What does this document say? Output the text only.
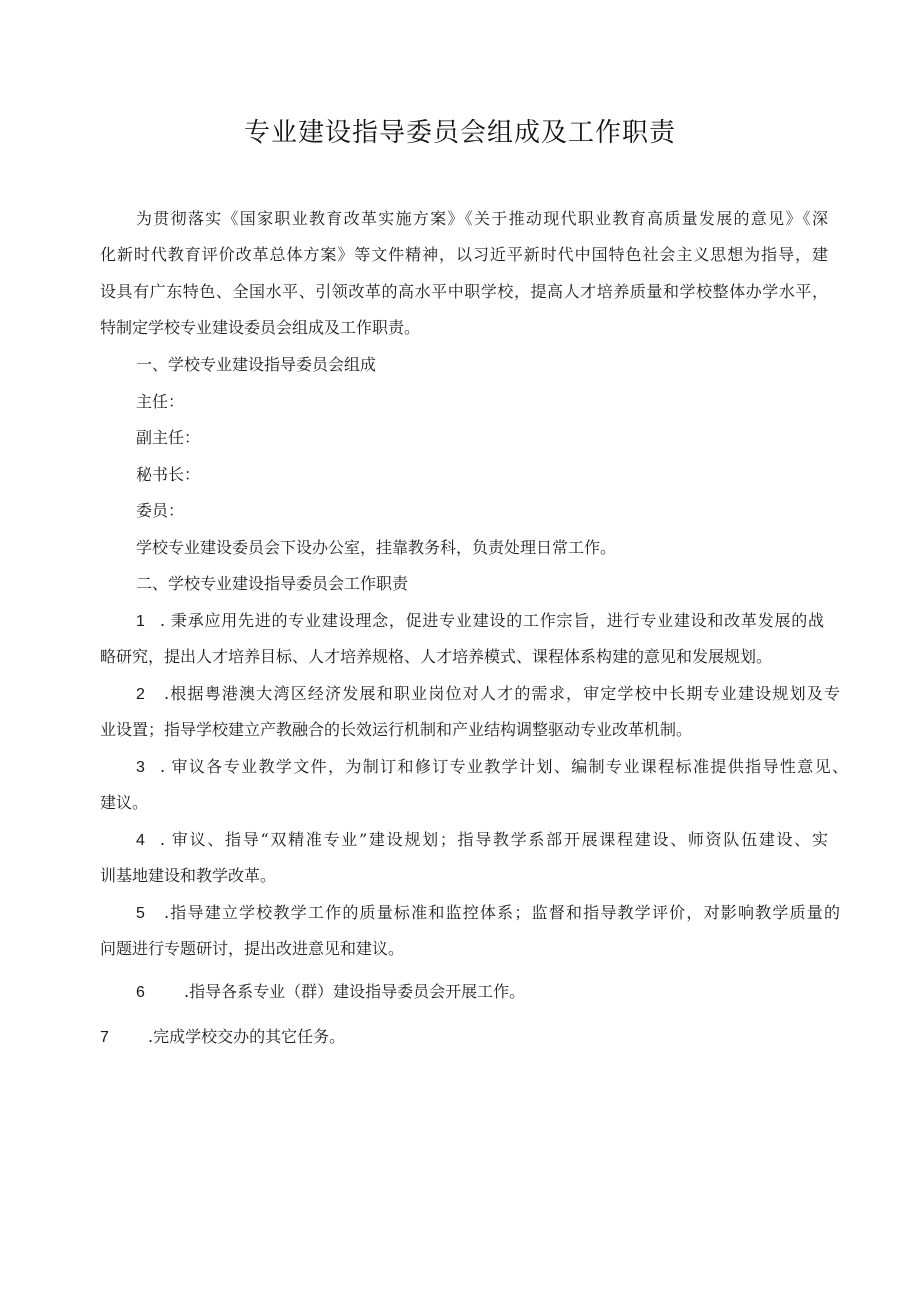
专业建设指导委员会组成及工作职责
为贯彻落实《国家职业教育改革实施方案》《关于推动现代职业教育高质量发展的意见》《深
化新时代教育评价改革总体方案》等文件精神，以习近平新时代中国特色社会主义思想为指导，建
设具有广东特色、全国水平、引领改革的高水平中职学校，提高人才培养质量和学校整体办学水平，
特制定学校专业建设委员会组成及工作职责。
一、学校专业建设指导委员会组成
主任：
副主任：
秘书长：
委员：
学校专业建设委员会下设办公室，挂靠教务科，负责处理日常工作。
二、学校专业建设指导委员会工作职责
1 . 秉承应用先进的专业建设理念，促进专业建设的工作宗旨，进行专业建设和改革发展的战
略研究，提出人才培养目标、人才培养规格、人才培养模式、课程体系构建的意见和发展规划。
2 .根据粤港澳大湾区经济发展和职业岗位对人才的需求，审定学校中长期专业建设规划及专
业设置；指导学校建立产教融合的长效运行机制和产业结构调整驱动专业改革机制。
3 . 审议各专业教学文件，为制订和修订专业教学计划、编制专业课程标准提供指导性意见、
建议。
4 . 审议、指导“双精准专业”建设规划；指导教学系部开展课程建设、师资队伍建设、实
训基地建设和教学改革。
5 .指导建立学校教学工作的质量标准和监控体系；监督和指导教学评价，对影响教学质量的
问题进行专题研讨，提出改进意见和建议。
6 .指导各系专业（群）建设指导委员会开展工作。
7 .完成学校交办的其它任务。
